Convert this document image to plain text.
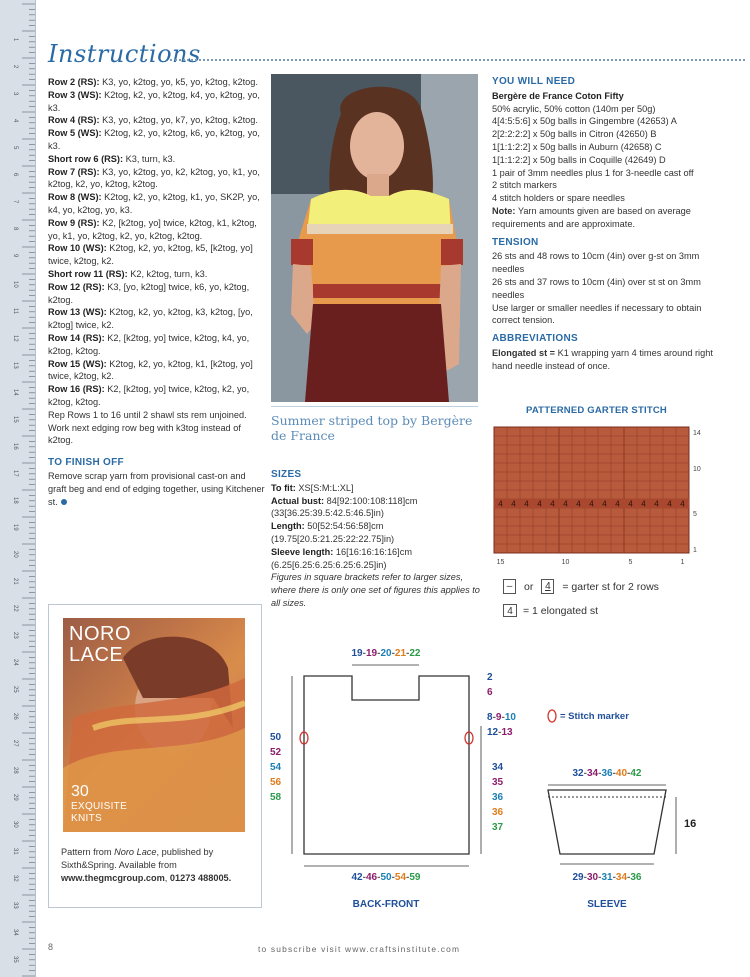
1
2
3
4
5
6
7
8
9
10
11
12
13
14
15
16
17
18
19
20
21
22
23
24
25
26
27
28
29
30
31
32
33
34
35
Instructions
Row 2 (RS): K3, yo, k2tog, yo, k5, yo, k2tog, k2tog.
Row 3 (WS): K2tog, k2, yo, k2tog, k4, yo, k2tog, yo, k3.
Row 4 (RS): K3, yo, k2tog, yo, k7, yo, k2tog, k2tog.
Row 5 (WS): K2tog, k2, yo, k2tog, k6, yo, k2tog, yo, k3.
Short row 6 (RS): K3, turn, k3.
Row 7 (RS): K3, yo, k2tog, yo, k2, k2tog, yo, k1, yo, k2tog, k2, yo, k2tog, k2tog.
Row 8 (WS): K2tog, k2, yo, k2tog, k1, yo, SK2P, yo, k4, yo, k2tog, yo, k3.
Row 9 (RS): K2, [k2tog, yo] twice, k2tog, k1, k2tog, yo, k1, yo, k2tog, k2, yo, k2tog, k2tog.
Row 10 (WS): K2tog, k2, yo, k2tog, k5, [k2tog, yo] twice, k2tog, k2.
Short row 11 (RS): K2, k2tog, turn, k3.
Row 12 (RS): K3, [yo, k2tog] twice, k6, yo, k2tog, k2tog.
Row 13 (WS): K2tog, k2, yo, k2tog, k3, k2tog, [yo, k2tog] twice, k2.
Row 14 (RS): K2, [k2tog, yo] twice, k2tog, k4, yo, k2tog, k2tog.
Row 15 (WS): K2tog, k2, yo, k2tog, k1, [k2tog, yo] twice, k2tog, k2.
Row 16 (RS): K2, [k2tog, yo] twice, k2tog, k2, yo, k2tog, k2tog.
Rep Rows 1 to 16 until 2 shawl sts rem unjoined. Work next edging row beg with k3tog instead of k2tog.
TO FINISH OFF
Remove scrap yarn from provisional cast-on and graft beg and end of edging together, using Kitchener st.
Summer striped top by Bergère de France
SIZES
To fit: XS[S:M:L:XL]
Actual bust: 84[92:100:108:118]cm (33[36.25:39.5:42.5:46.5]in)
Length: 50[52:54:56:58]cm (19.75[20.5:21.25:22:22.75]in)
Sleeve length: 16[16:16:16:16]cm (6.25[6.25:6.25:6.25:6.25]in)
Figures in square brackets refer to larger sizes, where there is only one set of figures this applies to all sizes.
YOU WILL NEED
Bergère de France Coton Fifty
50% acrylic, 50% cotton (140m per 50g)
4[4:5:5:6] x 50g balls in Gingembre (42653) A
2[2:2:2:2] x 50g balls in Citron (42650) B
1[1:1:2:2] x 50g balls in Auburn (42658) C
1[1:1:2:2] x 50g balls in Coquille (42649) D
1 pair of 3mm needles plus 1 for 3-needle cast off
2 stitch markers
4 stitch holders or spare needles
Note: Yarn amounts given are based on average requirements and are approximate.
TENSION
26 sts and 48 rows to 10cm (4in) over g-st on 3mm needles
26 sts and 37 rows to 10cm (4in) over st st on 3mm needles
Use larger or smaller needles if necessary to obtain correct tension.
ABBREVIATIONS
Elongated st = K1 wrapping yarn 4 times around right hand needle instead of once.
PATTERNED GARTER STITCH
4 4 4 4 4 4 4 4 4 4 4 4 4 4 4
15	10	5	1
14
10
5
1
–	or	4	= garter st for 2 rows
4 = 1 elongated st
NORO
LACE
30
EXQUISITE
KNITS
Pattern from Noro Lace, published by Sixth&Spring. Available from www.thegmcgroup.com, 01273 488005.
19-19-20-21-22
2 6
8-9-10
12-13
50 52 54 56 58
34 35 36 36 37
42-46-50-54-59
BACK-FRONT
= Stitch marker
32-34-36-40-42
16
29-30-31-34-36
SLEEVE
8	to subscribe visit www.craftsinstitute.com
